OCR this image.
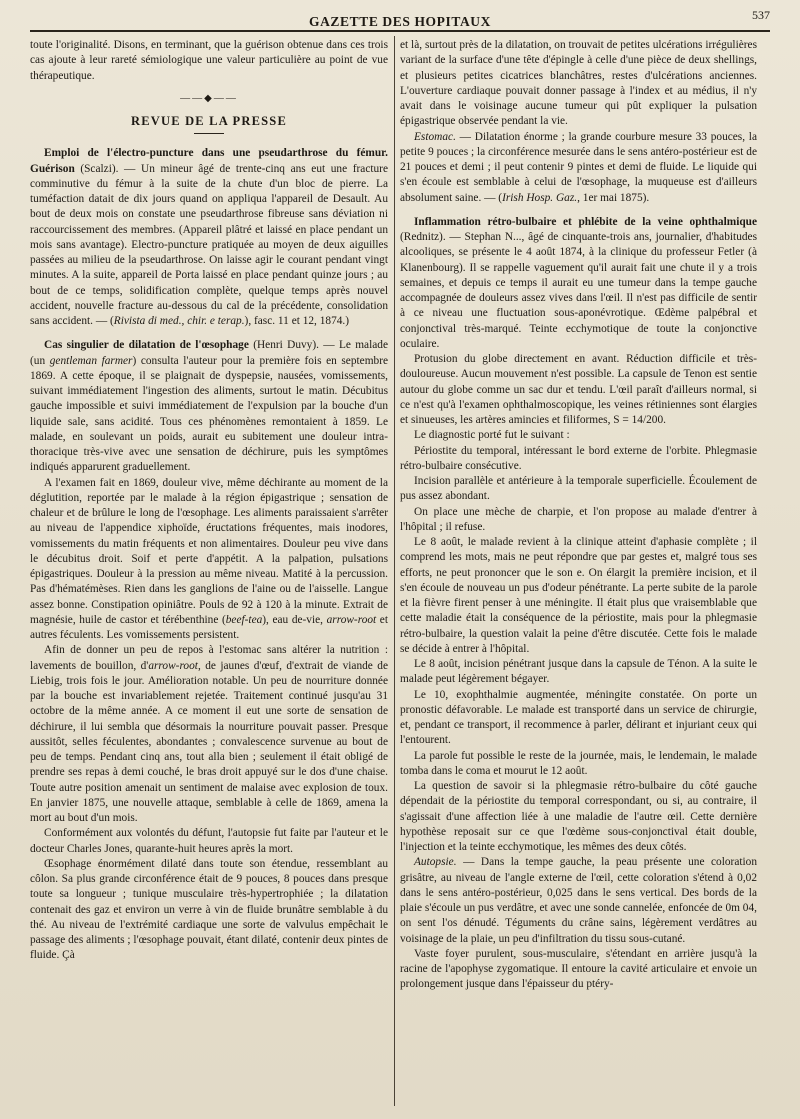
GAZETTE DES HOPITAUX	537

toute l'originalité. Disons, en terminant, que la guérison obtenue dans ces trois cas ajoute à leur rareté sémiologique une valeur particulière au point de vue thérapeutique.

——◆——
REVUE DE LA PRESSE

Emploi de l'électro-puncture dans une pseudarthrose du fémur. Guérison (Scalzi). — Un mineur âgé de trente-cinq ans eut une fracture comminutive du fémur à la suite de la chute d'un bloc de pierre. La tuméfaction datait de dix jours quand on appliqua l'appareil de Desault. Au bout de deux mois on constate une pseudarthrose fibreuse sans déviation ni raccourcissement des membres. (Appareil plâtré et laissé en place pendant un mois sans avantage). Electro-puncture pratiquée au moyen de deux aiguilles passées au milieu de la pseudarthrose. On laisse agir le courant pendant vingt minutes. A la suite, appareil de Porta laissé en place pendant quinze jours ; au bout de ce temps, solidification complète, quelque temps après nouvel accident, nouvelle fracture au-dessous du cal de la précédente, consolidation sans accident. — (Rivista di med., chir. e terap.), fasc. 11 et 12, 1874.)

Cas singulier de dilatation de l'œsophage (Henri Duvy). — Le malade (un gentleman farmer) consulta l'auteur pour la première fois en septembre 1869. A cette époque, il se plaignait de dyspepsie, nausées, vomissements, suivant immédiatement l'ingestion des aliments, surtout le matin. Décubitus gauche impossible et suivi immédiatement de l'expulsion par la bouche d'un liquide sale, sans acidité. Tous ces phénomènes remontaient à 1859. Le malade, en soulevant un poids, aurait eu subitement une douleur intra-thoracique très-vive avec une sensation de déchirure, puis les symptômes indiqués apparurent graduellement.

A l'examen fait en 1869, douleur vive, même déchirante au moment de la déglutition, reportée par le malade à la région épigastrique ; sensation de chaleur et de brûlure le long de l'œsophage. Les aliments paraissaient s'arrêter au niveau de l'appendice xiphoïde, éructations fréquentes, mais inodores, vomissements du matin fréquents et non alimentaires. Douleur peu vive dans le décubitus droit. Soif et perte d'appétit. A la palpation, pulsations épigastriques. Douleur à la pression au même niveau. Matité à la percussion. Pas d'hématémèses. Rien dans les ganglions de l'aine ou de l'aisselle. Langue assez bonne. Constipation opiniâtre. Pouls de 92 à 120 à la minute. Extrait de magnésie, huile de castor et térébenthine (beef-tea), eau de-vie, arrow-root et autres féculents. Les vomissements persistent.

Afin de donner un peu de repos à l'estomac sans altérer la nutrition : lavements de bouillon, d'arrow-root, de jaunes d'œuf, d'extrait de viande de Liebig, trois fois le jour. Amélioration notable. Un peu de nourriture donnée par la bouche est invariablement rejetée. Traitement continué jusqu'au 31 octobre de la même année. A ce moment il eut une sorte de sensation de déchirure, il lui sembla que désormais la nourriture pouvait passer. Presque aussitôt, selles féculentes, abondantes ; convalescence survenue au bout de peu de temps. Pendant cinq ans, tout alla bien ; seulement il était obligé de prendre ses repas à demi couché, le bras droit appuyé sur le dos d'une chaise. Toute autre position amenait un sentiment de malaise avec explosion de toux. En janvier 1875, une nouvelle attaque, semblable à celle de 1869, amena la mort au bout d'un mois.

Conformément aux volontés du défunt, l'autopsie fut faite par l'auteur et le docteur Charles Jones, quarante-huit heures après la mort.

Œsophage énormément dilaté dans toute son étendue, ressemblant au côlon. Sa plus grande circonférence était de 9 pouces, 8 pouces dans presque toute sa longueur ; tunique musculaire très-hypertrophiée ; la dilatation contenait des gaz et environ un verre à vin de fluide brunâtre semblable à du thé. Au niveau de l'extrémité cardiaque une sorte de valvulus empêchait le passage des aliments ; l'œsophage pouvait, étant dilaté, contenir deux pintes de fluide. Çà

et là, surtout près de la dilatation, on trouvait de petites ulcérations irrégulières variant de la surface d'une tête d'épingle à celle d'une pièce de deux shellings, et plusieurs petites cicatrices blanchâtres, restes d'ulcérations anciennes. L'ouverture cardiaque pouvait donner passage à l'index et au médius, il n'y avait dans le voisinage aucune tumeur qui pût expliquer la pulsation épigastrique observée pendant la vie.

Estomac. — Dilatation énorme ; la grande courbure mesure 33 pouces, la petite 9 pouces ; la circonférence mesurée dans le sens antéro-postérieur est de 21 pouces et demi ; il peut contenir 9 pintes et demi de fluide. Le liquide qui s'en écoule est semblable à celui de l'œsophage, la muqueuse est d'ailleurs absolument saine. — (Irish Hosp. Gaz., 1er mai 1875).

Inflammation rétro-bulbaire et phlébite de la veine ophthalmique (Rednitz). — Stephan N..., âgé de cinquante-trois ans, journalier, d'habitudes alcooliques, se présente le 4 août 1874, à la clinique du professeur Fetler (à Klanenbourg). Il se rappelle vaguement qu'il aurait fait une chute il y a trois semaines, et depuis ce temps il aurait eu une tumeur dans la tempe gauche accompagnée de douleurs assez vives dans l'œil. Il n'est pas difficile de sentir à ce niveau une fluctuation sous-aponévrotique. Œdème palpébral et conjonctival très-marqué. Teinte ecchymotique de toute la conjonctive oculaire.

Protusion du globe directement en avant. Réduction difficile et très-douloureuse. Aucun mouvement n'est possible. La capsule de Tenon est sentie autour du globe comme un sac dur et tendu. L'œil paraît d'ailleurs normal, si ce n'est qu'à l'examen ophthalmoscopique, les veines rétiniennes sont élargies et sinueuses, les artères amincies et filiformes, S = 14/200.

Le diagnostic porté fut le suivant :

Périostite du temporal, intéressant le bord externe de l'orbite. Phlegmasie rétro-bulbaire consécutive.

Incision parallèle et antérieure à la temporale superficielle. Écoulement de pus assez abondant.

On place une mèche de charpie, et l'on propose au malade d'entrer à l'hôpital ; il refuse.

Le 8 août, le malade revient à la clinique atteint d'aphasie complète ; il comprend les mots, mais ne peut répondre que par gestes et, malgré tous ses efforts, ne peut prononcer que le son e. On élargit la première incision, et il s'en écoule de nouveau un pus d'odeur pénétrante. La perte subite de la parole et la fièvre firent penser à une méningite. Il était plus que vraisemblable que cette maladie était la conséquence de la périostite, mais pour la phlegmasie rétro-bulbaire, la question valait la peine d'être discutée. Cette fois le malade se décide à entrer à l'hôpital.

Le 8 août, incision pénétrant jusque dans la capsule de Ténon. A la suite le malade peut légèrement bégayer.

Le 10, exophthalmie augmentée, méningite constatée. On porte un pronostic défavorable. Le malade est transporté dans un service de chirurgie, et, pendant ce transport, il recommence à parler, délirant et injuriant ceux qui l'entourent.

La parole fut possible le reste de la journée, mais, le lendemain, le malade tomba dans le coma et mourut le 12 août.

La question de savoir si la phlegmasie rétro-bulbaire du côté gauche dépendait de la périostite du temporal correspondant, ou si, au contraire, il s'agissait d'une affection liée à une maladie de l'autre œil. Cette dernière hypothèse reposait sur ce que l'œdème sous-conjonctival était double, l'injection et la teinte ecchymotique, les mêmes des deux côtés.

Autopsie. — Dans la tempe gauche, la peau présente une coloration grisâtre, au niveau de l'angle externe de l'œil, cette coloration s'étend à 0,02 dans le sens antéro-postérieur, 0,025 dans le sens vertical. Des bords de la plaie s'écoule un pus verdâtre, et avec une sonde cannelée, enfoncée de 0m 04, on sent l'os dénudé. Téguments du crâne sains, légèrement verdâtres au voisinage de la plaie, un peu d'infiltration du tissu sous-cutané.

Vaste foyer purulent, sous-musculaire, s'étendant en arrière jusqu'à la racine de l'apophyse zygomatique. Il entoure la cavité articulaire et envoie un prolongement jusque dans l'épaisseur du ptéry-
